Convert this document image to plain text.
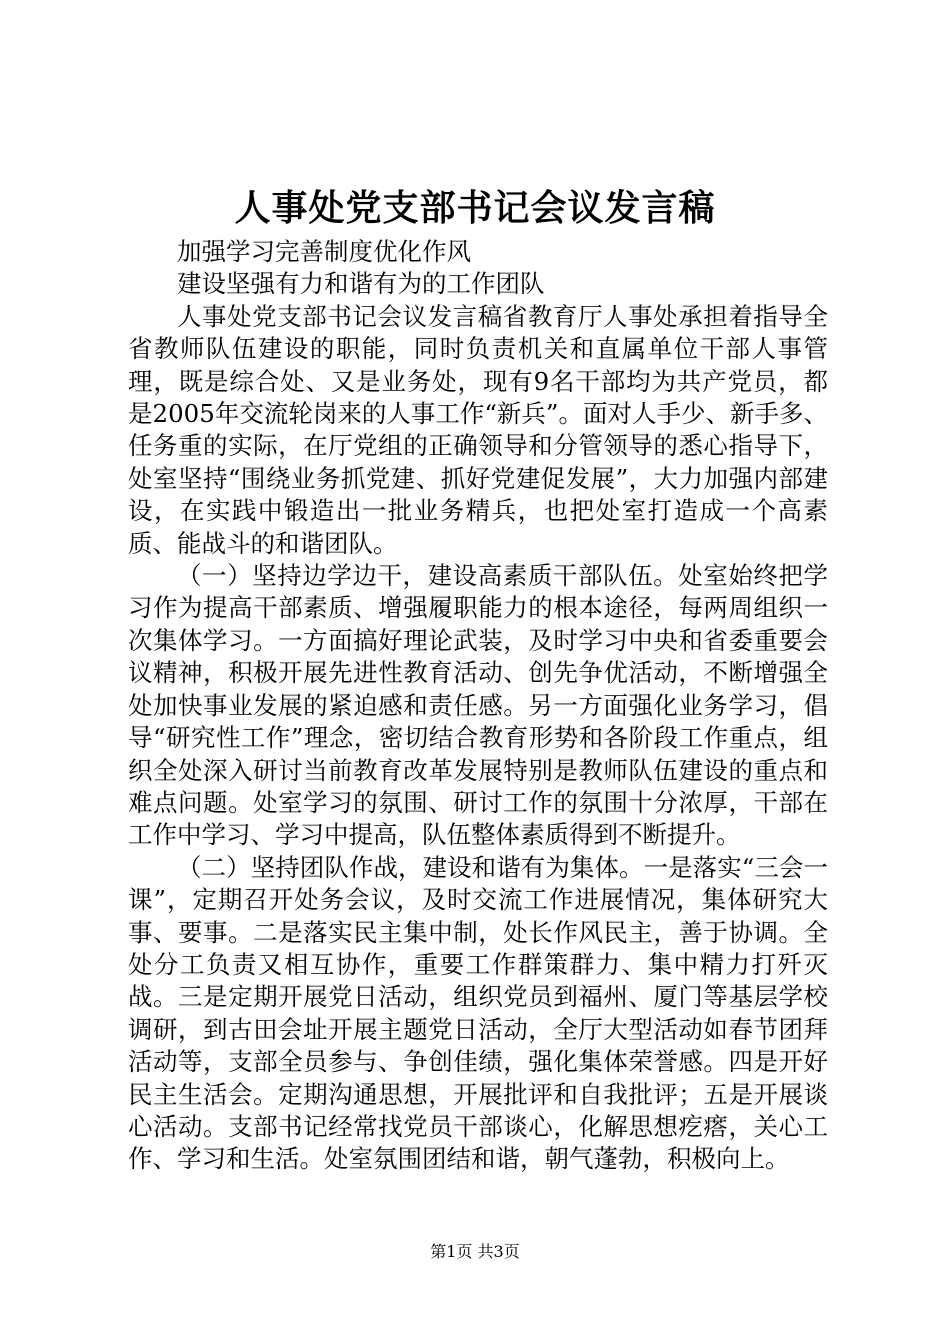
人事处党支部书记会议发言稿

加强学习完善制度优化作风

建设坚强有力和谐有为的工作团队

人事处党支部书记会议发言稿省教育厅人事处承担着指导全省教师队伍建设的职能，同时负责机关和直属单位干部人事管理，既是综合处、又是业务处，现有9名干部均为共产党员，都是2005年交流轮岗来的人事工作“新兵”。面对人手少、新手多、任务重的实际，在厅党组的正确领导和分管领导的悉心指导下，处室坚持“围绕业务抓党建、抓好党建促发展”，大力加强内部建设，在实践中锻造出一批业务精兵，也把处室打造成一个高素质、能战斗的和谐团队。

（一）坚持边学边干，建设高素质干部队伍。处室始终把学习作为提高干部素质、增强履职能力的根本途径，每两周组织一次集体学习。一方面搞好理论武装，及时学习中央和省委重要会议精神，积极开展先进性教育活动、创先争优活动，不断增强全处加快事业发展的紧迫感和责任感。另一方面强化业务学习，倡导“研究性工作”理念，密切结合教育形势和各阶段工作重点，组织全处深入研讨当前教育改革发展特别是教师队伍建设的重点和难点问题。处室学习的氛围、研讨工作的氛围十分浓厚，干部在工作中学习、学习中提高，队伍整体素质得到不断提升。

（二）坚持团队作战，建设和谐有为集体。一是落实“三会一课”，定期召开处务会议，及时交流工作进展情况，集体研究大事、要事。二是落实民主集中制，处长作风民主，善于协调。全处分工负责又相互协作，重要工作群策群力、集中精力打歼灭战。三是定期开展党日活动，组织党员到福州、厦门等基层学校调研，到古田会址开展主题党日活动，全厅大型活动如春节团拜活动等，支部全员参与、争创佳绩，强化集体荣誉感。四是开好民主生活会。定期沟通思想，开展批评和自我批评；五是开展谈心活动。支部书记经常找党员干部谈心，化解思想疙瘩，关心工作、学习和生活。处室氛围团结和谐，朝气蓬勃，积极向上。

第1页 共3页
